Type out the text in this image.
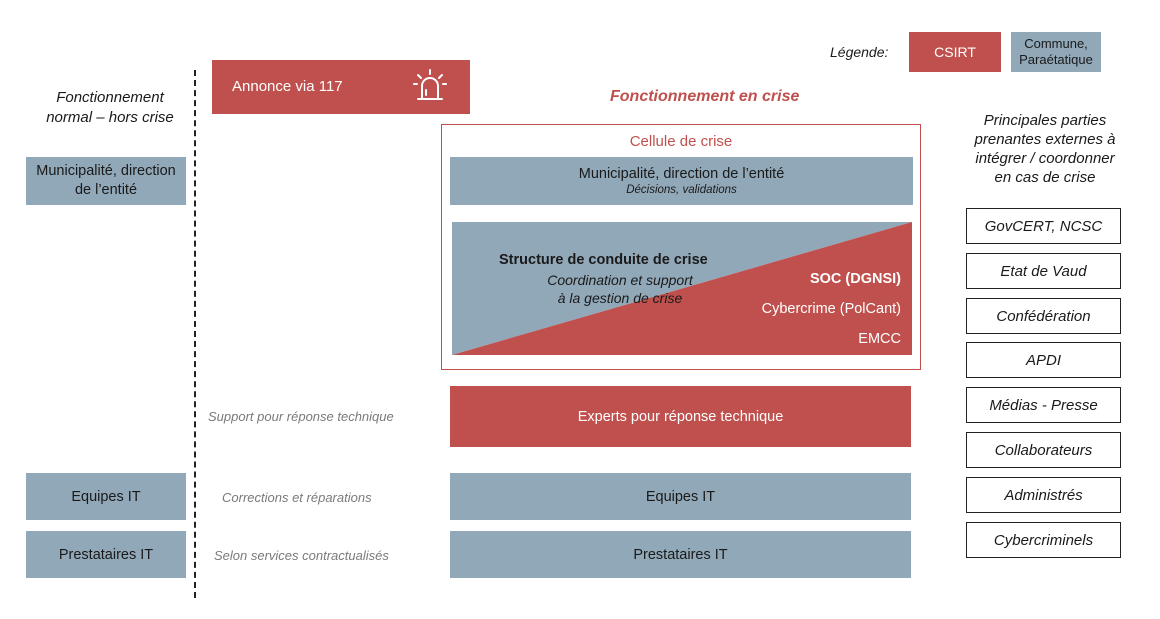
Légende:	CSIRT
Commune,
Paraétatique
Fonctionnement
normal – hors crise
Fonctionnement en crise
Principales parties
prenantes externes à
intégrer / coordonner
en cas de crise
Annonce via 117
Municipalité, direction
de l’entité
Equipes IT
Prestataires IT
Support pour réponse technique
Corrections et réparations
Selon services contractualisés
Cellule de crise
Municipalité, direction de l’entité
Décisions, validations
Structure de conduite de crise
Coordination et support
à la gestion de crise
SOC (DGNSI)
Cybercrime (PolCant)
EMCC
Experts pour réponse technique
Equipes IT
Prestataires IT
GovCERT, NCSC
Etat de Vaud
Confédération
APDI
Médias - Presse
Collaborateurs
Administrés
Cybercriminels
